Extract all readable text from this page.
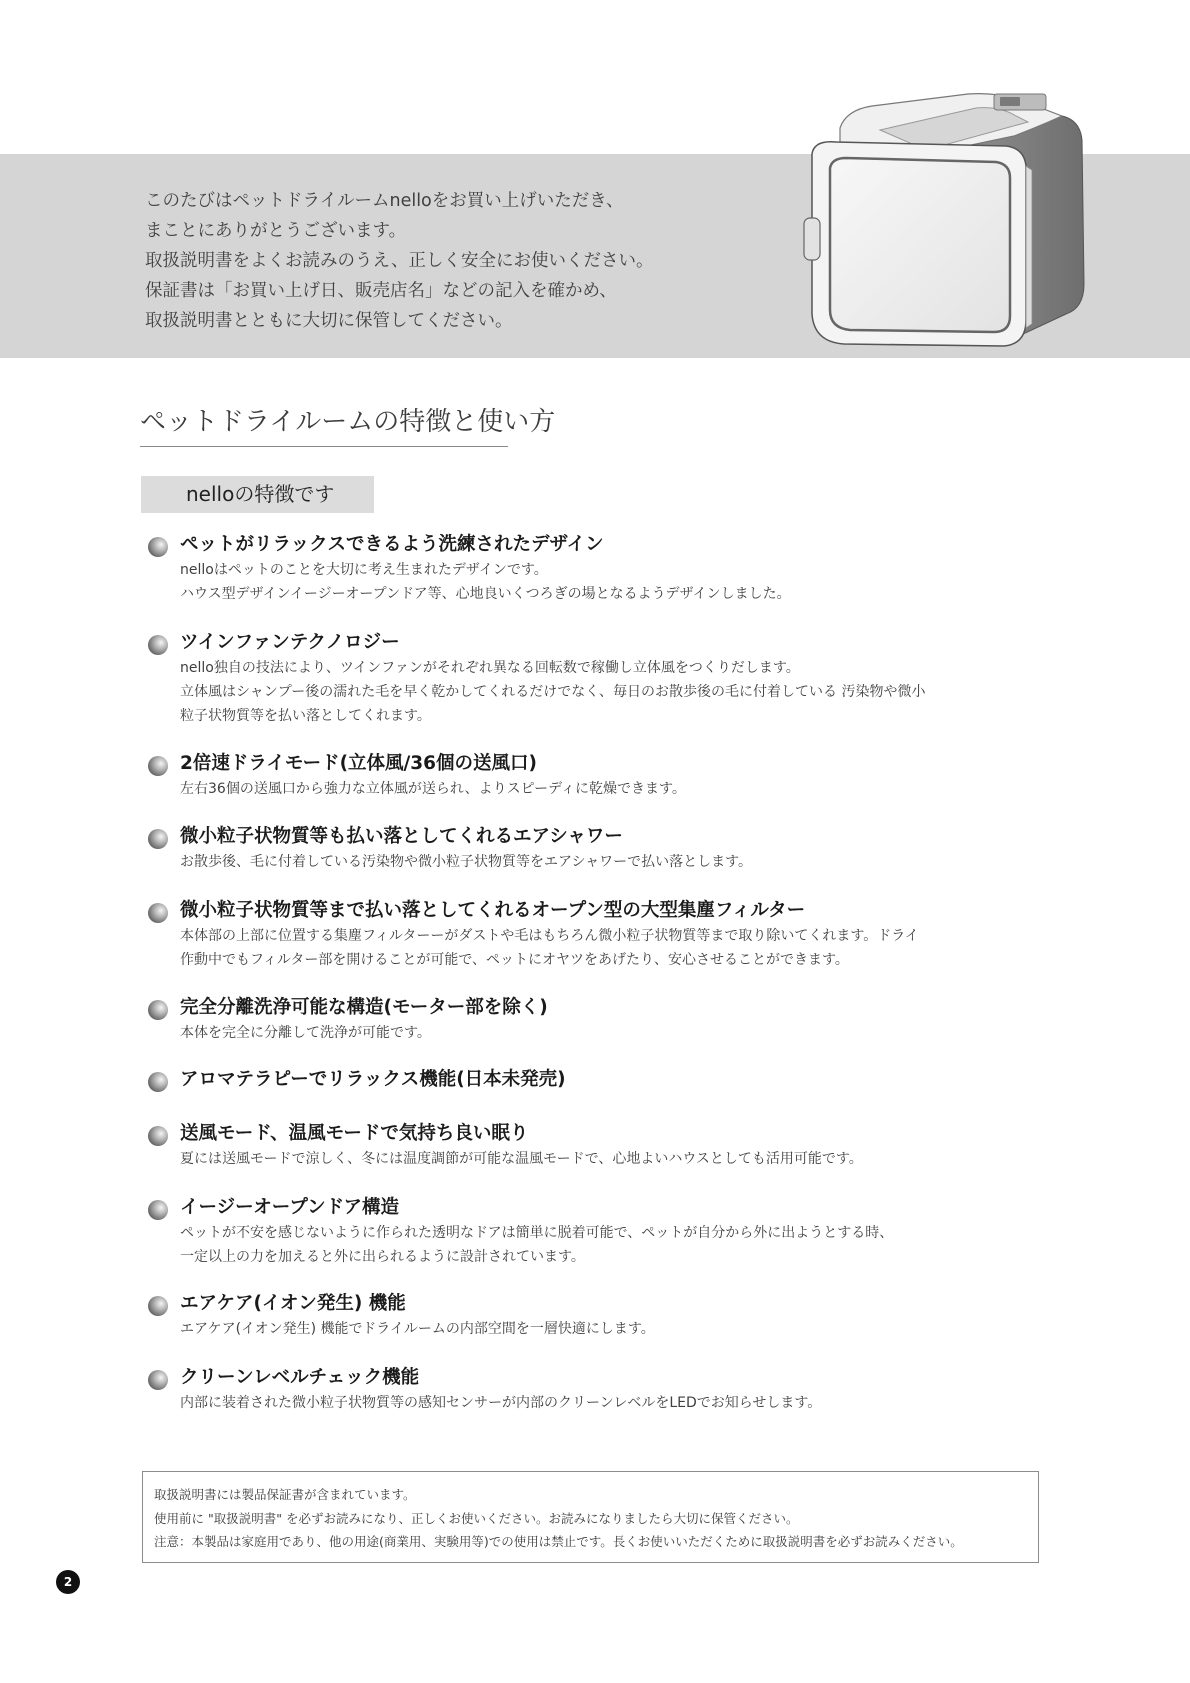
このたびはペットドライルームnelloをお買い上げいただき、
まことにありがとうございます。
取扱説明書をよくお読みのうえ、正しく安全にお使いください。
保証書は「お買い上げ日、販売店名」などの記入を確かめ、
取扱説明書とともに大切に保管してください。

ペットドライルームの特徴と使い方
nelloの特徴です
ペットがリラックスできるよう洗練されたデザイン
nelloはペットのことを大切に考え生まれたデザインです。
ハウス型デザインイージーオープンドア等、心地良いくつろぎの場となるようデザインしました。
ツインファンテクノロジー
nello独自の技法により、ツインファンがそれぞれ異なる回転数で稼働し立体風をつくりだします。
立体風はシャンプー後の濡れた毛を早く乾かしてくれるだけでなく、毎日のお散歩後の毛に付着している 汚染物や微小
粒子状物質等を払い落としてくれます。
2倍速ドライモード(立体風/36個の送風口)
左右36個の送風口から強力な立体風が送られ、よりスピーディに乾燥できます。
微小粒子状物質等も払い落としてくれるエアシャワー
お散歩後、毛に付着している汚染物や微小粒子状物質等をエアシャワーで払い落とします。
微小粒子状物質等まで払い落としてくれるオープン型の大型集塵フィルター
本体部の上部に位置する集塵フィルターーがダストや毛はもちろん微小粒子状物質等まで取り除いてくれます。ドライ
作動中でもフィルター部を開けることが可能で、ペットにオヤツをあげたり、安心させることができます。
完全分離洗浄可能な構造(モーター部を除く)
本体を完全に分離して洗浄が可能です。
アロマテラピーでリラックス機能(日本未発売)
送風モード、温風モードで気持ち良い眠り
夏には送風モードで涼しく、冬には温度調節が可能な温風モードで、心地よいハウスとしても活用可能です。
イージーオープンドア構造
ペットが不安を感じないように作られた透明なドアは簡単に脱着可能で、ペットが自分から外に出ようとする時、
一定以上の力を加えると外に出られるように設計されています。
エアケア(イオン発生) 機能
エアケア(イオン発生) 機能でドライルームの内部空間を一層快適にします。
クリーンレベルチェック機能
内部に装着された微小粒子状物質等の感知センサーが内部のクリーンレベルをLEDでお知らせします。
取扱説明書には製品保証書が含まれています。
使用前に "取扱説明書" を必ずお読みになり、正しくお使いください。お読みになりましたら大切に保管ください。
注意：本製品は家庭用であり、他の用途(商業用、実験用等)での使用は禁止です。長くお使いいただくために取扱説明書を必ずお読みください。
2
